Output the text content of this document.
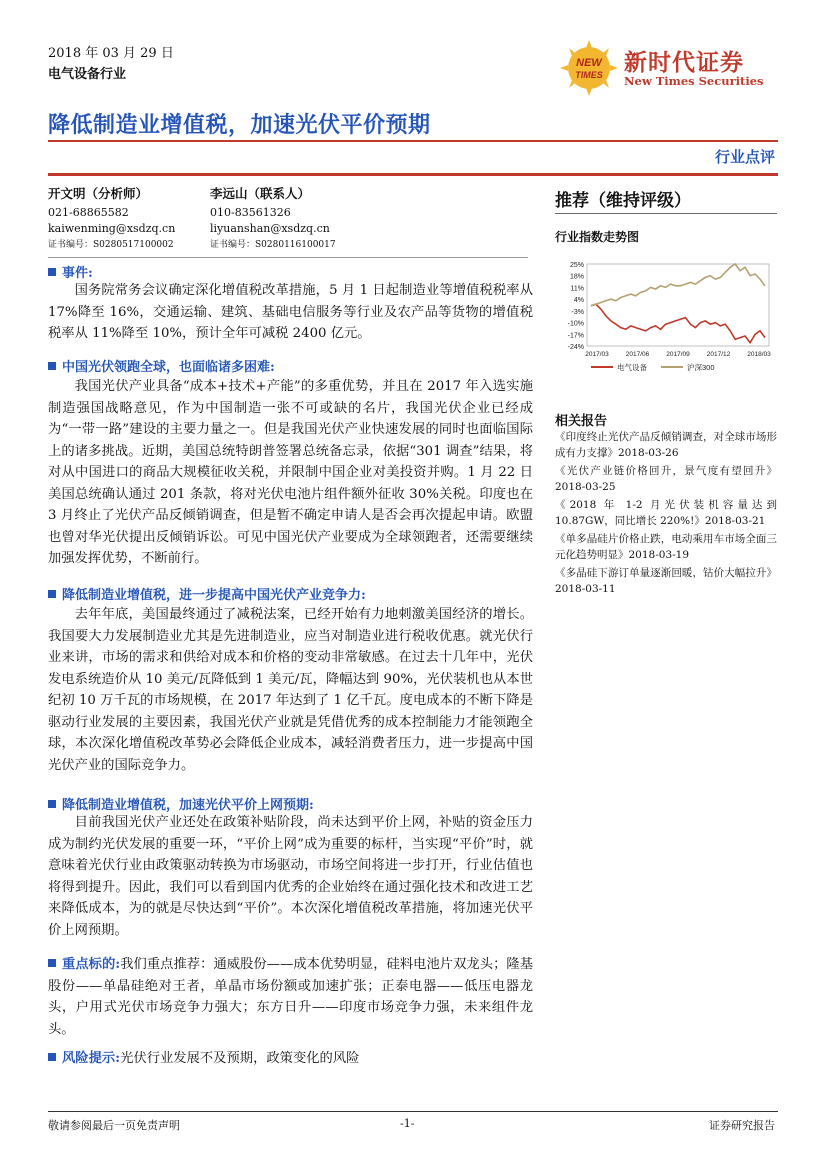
2018 年 03 月 29 日
电气设备行业
NEW
TIMES 新时代证券
New Times Securities
降低制造业增值税，加速光伏平价预期
行业点评
开文明（分析师）
021-68865582
kaiwenming@xsdzq.cn
证书编号：S0280517100002
李远山（联系人）
010-83561326
liyuanshan@xsdzq.cn
证书编号：S0280116100017
推荐（维持评级）
行业指数走势图
25%
18%
11%
4%
-3%
-10%
-17%
-24%
2017/03	2017/06	2017/09	2017/12	2018/03
电气设备	沪深300
相关报告
《印度终止光伏产品反倾销调查，对全球市场形成有力支撑》2018-03-26
《光伏产业链价格回升，景气度有望回升》2018-03-25
《2018 年 1-2 月光伏装机容量达到 10.87GW，同比增长 220%!》2018-03-21
《单多晶硅片价格止跌，电动乘用车市场全面三元化趋势明显》2018-03-19
《多晶硅下游订单量逐渐回暖，钴价大幅拉升》2018-03-11
事件:
国务院常务会议确定深化增值税改革措施，5 月 1 日起制造业等增值税税率从 17%降至 16%，交通运输、建筑、基础电信服务等行业及农产品等货物的增值税税率从 11%降至 10%，预计全年可减税 2400 亿元。
中国光伏领跑全球，也面临诸多困难:
我国光伏产业具备“成本+技术+产能”的多重优势，并且在 2017 年入选实施制造强国战略意见，作为中国制造一张不可或缺的名片，我国光伏企业已经成为“一带一路”建设的主要力量之一。但是我国光伏产业快速发展的同时也面临国际上的诸多挑战。近期，美国总统特朗普签署总统备忘录，依据“301 调查”结果，将对从中国进口的商品大规模征收关税，并限制中国企业对美投资并购。1 月 22 日美国总统确认通过 201 条款，将对光伏电池片组件额外征收 30%关税。印度也在 3 月终止了光伏产品反倾销调查，但是暂不确定申请人是否会再次提起申请。欧盟也曾对华光伏提出反倾销诉讼。可见中国光伏产业要成为全球领跑者，还需要继续加强发挥优势，不断前行。
降低制造业增值税，进一步提高中国光伏产业竞争力:
去年年底，美国最终通过了减税法案，已经开始有力地刺激美国经济的增长。我国要大力发展制造业尤其是先进制造业，应当对制造业进行税收优惠。就光伏行业来讲，市场的需求和供给对成本和价格的变动非常敏感。在过去十几年中，光伏发电系统造价从 10 美元/瓦降低到 1 美元/瓦，降幅达到 90%，光伏装机也从本世纪初 10 万千瓦的市场规模，在 2017 年达到了 1 亿千瓦。度电成本的不断下降是驱动行业发展的主要因素，我国光伏产业就是凭借优秀的成本控制能力才能领跑全球，本次深化增值税改革势必会降低企业成本，减轻消费者压力，进一步提高中国光伏产业的国际竞争力。
降低制造业增值税，加速光伏平价上网预期:
目前我国光伏产业还处在政策补贴阶段，尚未达到平价上网，补贴的资金压力成为制约光伏发展的重要一环，“平价上网”成为重要的标杆，当实现“平价”时，就意味着光伏行业由政策驱动转换为市场驱动，市场空间将进一步打开，行业估值也将得到提升。因此，我们可以看到国内优秀的企业始终在通过强化技术和改进工艺来降低成本，为的就是尽快达到“平价”。本次深化增值税改革措施，将加速光伏平价上网预期。
重点标的:我们重点推荐：通威股份——成本优势明显，硅料电池片双龙头；隆基股份——单晶硅绝对王者，单晶市场份额或加速扩张；正泰电器——低压电器龙头，户用式光伏市场竞争力强大；东方日升——印度市场竞争力强，未来组件龙头。
风险提示:光伏行业发展不及预期，政策变化的风险
敬请参阅最后一页免责声明	-1-	证券研究报告
